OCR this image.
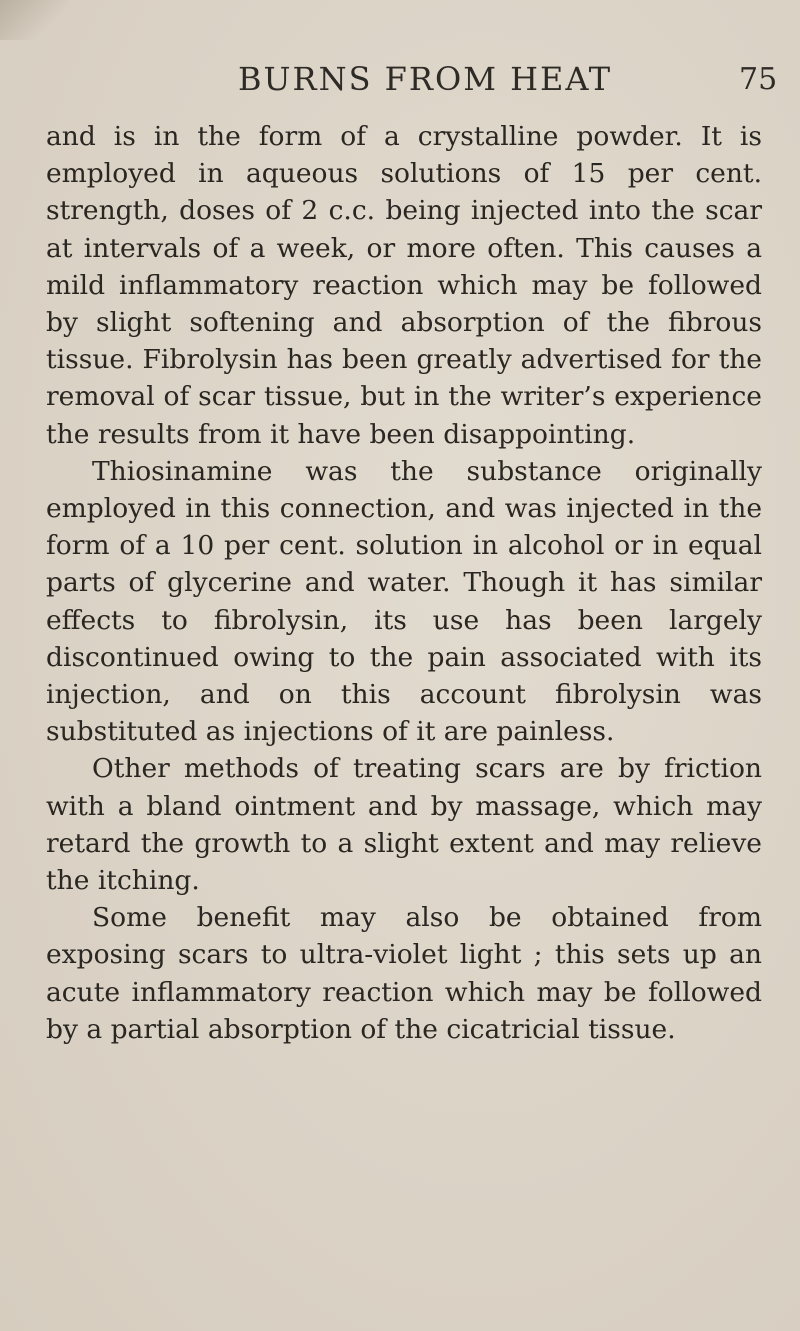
BURNS FROM HEAT	75

and is in the form of a crystalline powder. It is employed in aqueous solutions of 15 per cent. strength, doses of 2 c.c. being injected into the scar at intervals of a week, or more often. This causes a mild inflammatory reaction which may be followed by slight softening and absorption of the fibrous tissue. Fibrolysin has been greatly advertised for the removal of scar tissue, but in the writer’s experience the results from it have been disappointing.

Thiosinamine was the substance originally employed in this connection, and was injected in the form of a 10 per cent. solution in alcohol or in equal parts of glycerine and water. Though it has similar effects to fibrolysin, its use has been largely discontinued owing to the pain associated with its injection, and on this account fibrolysin was substituted as injections of it are painless.

Other methods of treating scars are by friction with a bland ointment and by massage, which may retard the growth to a slight extent and may relieve the itching.

Some benefit may also be obtained from exposing scars to ultra-violet light ; this sets up an acute inflammatory reaction which may be followed by a partial absorption of the cicatricial tissue.
